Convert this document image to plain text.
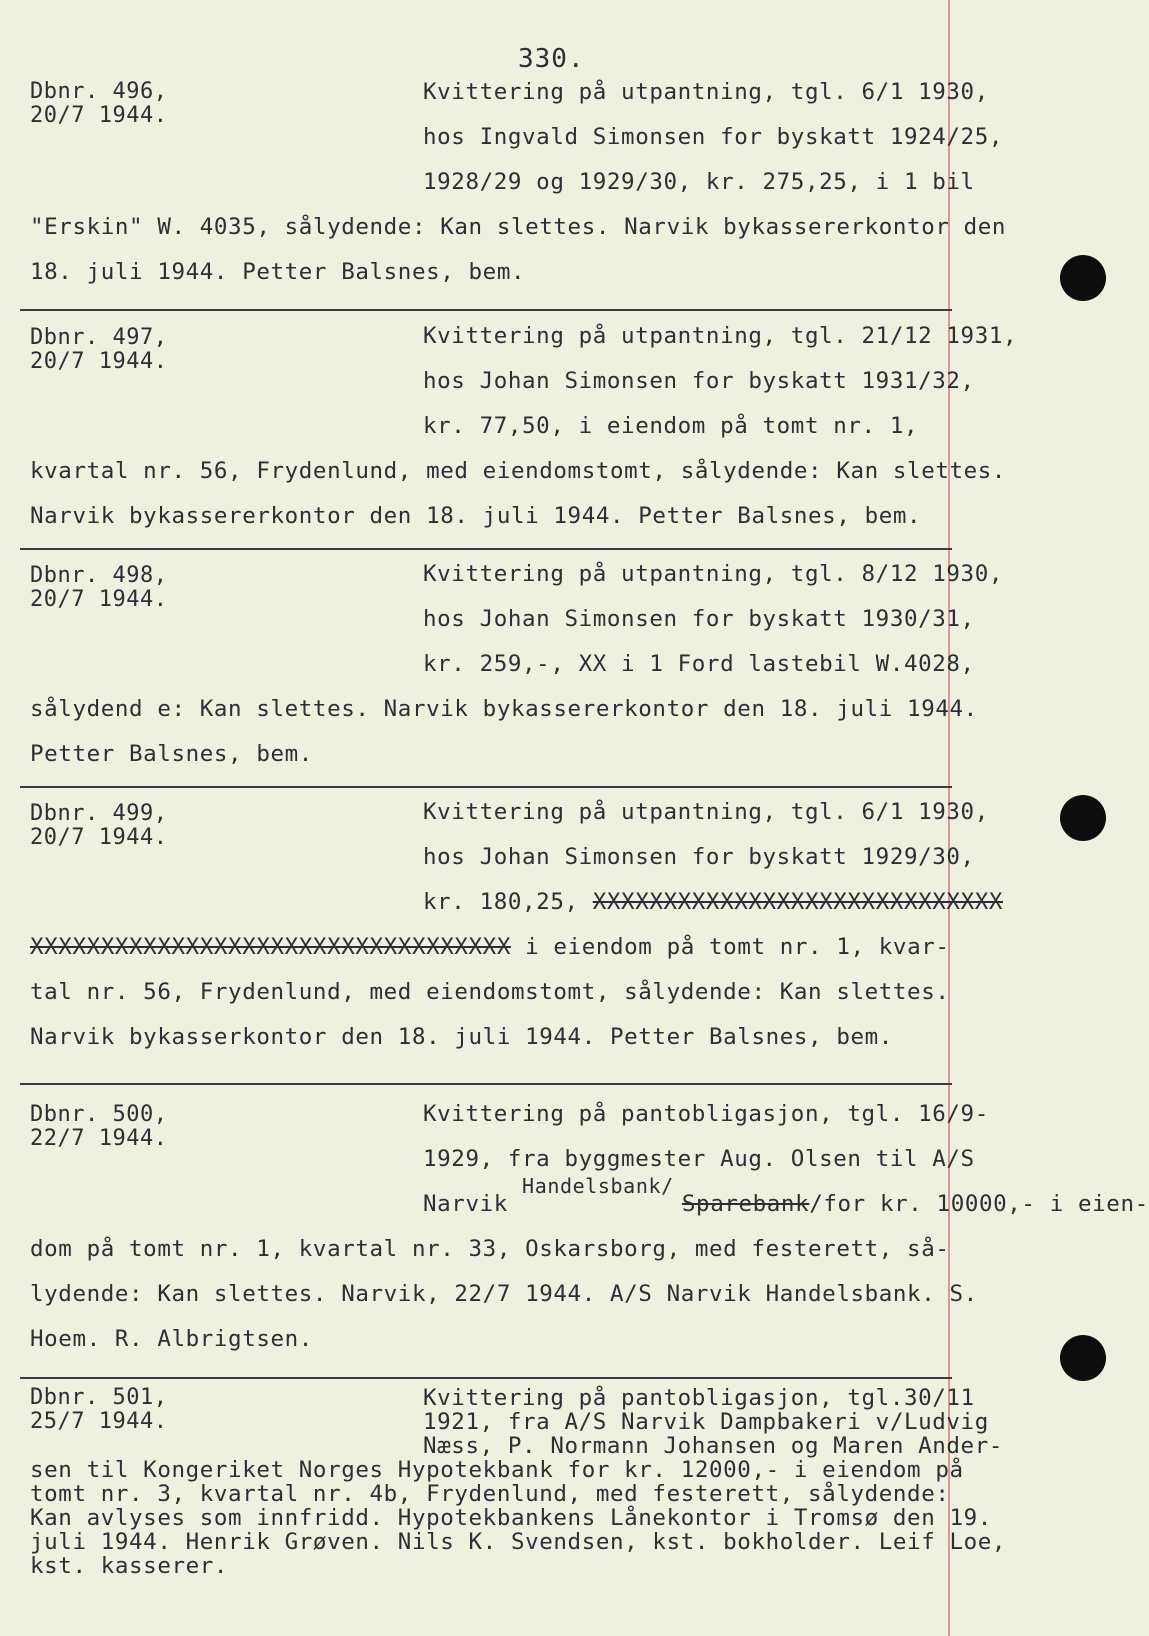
330.
Dbnr. 496,
20/7 1944.
Kvittering på utpantning, tgl. 6/1 1930,
hos Ingvald Simonsen for byskatt 1924/25,
1928/29 og 1929/30, kr. 275,25, i 1 bil
"Erskin" W. 4035, sålydende: Kan slettes. Narvik bykassererkontor den
18. juli 1944. Petter Balsnes, bem.
Dbnr. 497,
20/7 1944.
Kvittering på utpantning, tgl. 21/12 1931,
hos Johan Simonsen for byskatt 1931/32,
kr. 77,50, i eiendom på tomt nr. 1,
kvartal nr. 56, Frydenlund, med eiendomstomt, sålydende: Kan slettes.
Narvik bykassererkontor den 18. juli 1944. Petter Balsnes, bem.
Dbnr. 498,
20/7 1944.
Kvittering på utpantning, tgl. 8/12 1930,
hos Johan Simonsen for byskatt 1930/31,
kr. 259,-, XX i 1 Ford lastebil W.4028,
sålydend e: Kan slettes. Narvik bykassererkontor den 18. juli 1944.
Petter Balsnes, bem.
Dbnr. 499,
20/7 1944.
Kvittering på utpantning, tgl. 6/1 1930,
hos Johan Simonsen for byskatt 1929/30,
kr. 180,25, XXXXXXXXXXXXXXXXXXXXXXXXXXXXX
XXXXXXXXXXXXXXXXXXXXXXXXXXXXXXXXXX i eiendom på tomt nr. 1, kvar-
tal nr. 56, Frydenlund, med eiendomstomt, sålydende: Kan slettes.
Narvik bykasserkontor den 18. juli 1944. Petter Balsnes, bem.
Dbnr. 500,
22/7 1944.
Kvittering på pantobligasjon, tgl. 16/9-
1929, fra byggmester Aug. Olsen til A/S
Narvik Handelsbank/ Sparebank/for kr. 10000,- i eien-
dom på tomt nr. 1, kvartal nr. 33, Oskarsborg, med festerett, så-
lydende: Kan slettes. Narvik, 22/7 1944. A/S Narvik Handelsbank. S.
Hoem. R. Albrigtsen.
Dbnr. 501,
25/7 1944.
Kvittering på pantobligasjon, tgl.30/11
1921, fra A/S Narvik Dampbakeri v/Ludvig
Næss, P. Normann Johansen og Maren Ander-
sen til Kongeriket Norges Hypotekbank for kr. 12000,- i eiendom på
tomt nr. 3, kvartal nr. 4b, Frydenlund, med festerett, sålydende:
Kan avlyses som innfridd. Hypotekbankens Lånekontor i Tromsø den 19.
juli 1944. Henrik Grøven. Nils K. Svendsen, kst. bokholder. Leif Loe,
kst. kasserer.
